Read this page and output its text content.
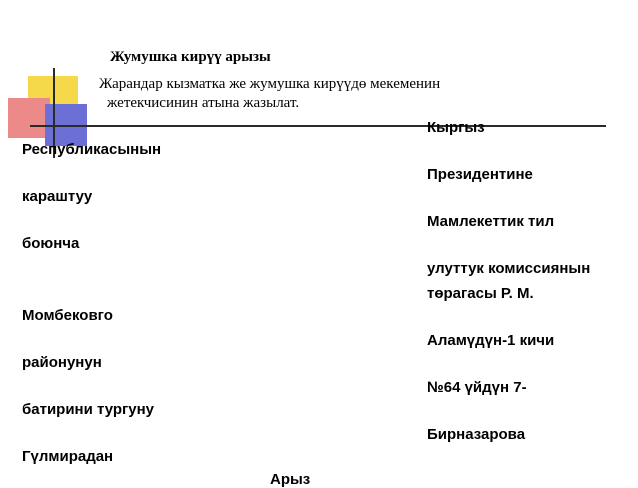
Жумушка кирүү арызы
Жарандар кызматка же жумушка кирүүдө мекеменин
жетекчисинин атына жазылат.
Кыргыз
Республикасынын
Президентине
караштуу
Мамлекеттик тил
боюнча
улуттук комиссиянын
төрагасы Р. М.
Момбековго
Аламүдүн-1 кичи
районунун
№64 үйдүн 7-
батирини тургуну
Бирназарова
Гүлмирадан
Арыз
